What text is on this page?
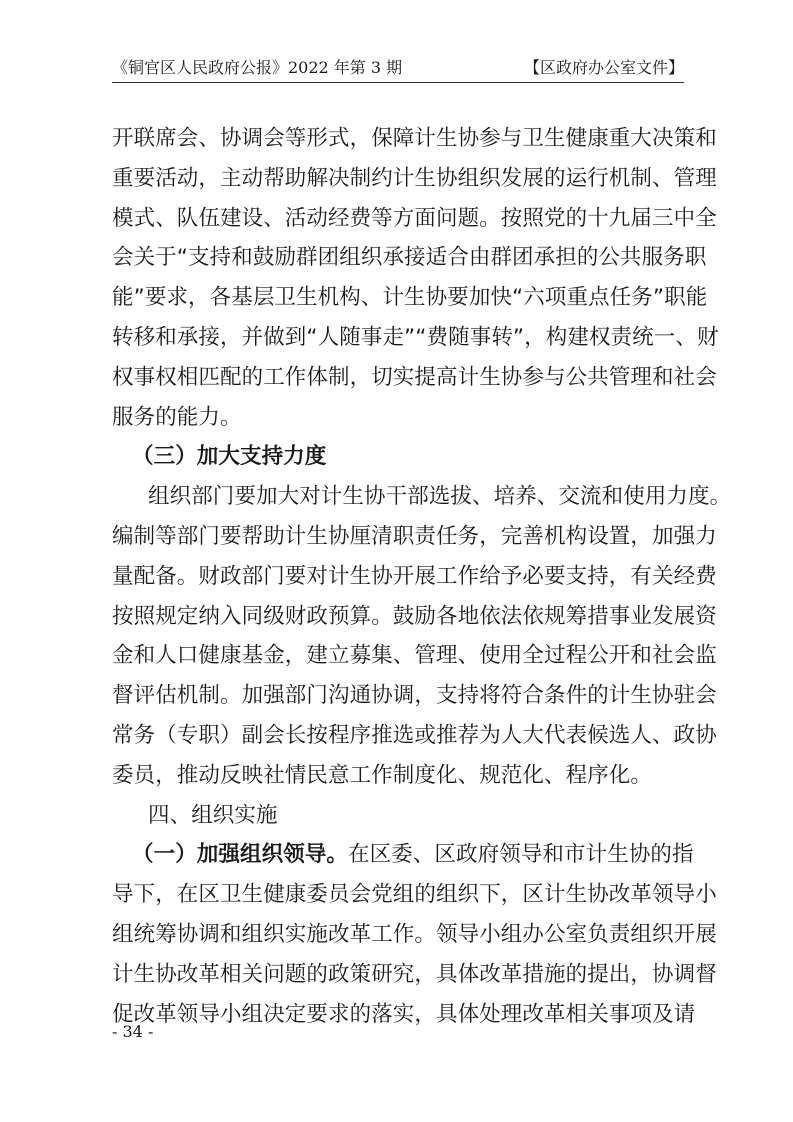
《铜官区人民政府公报》2022 年第 3 期	【区政府办公室文件】
开联席会、协调会等形式，保障计生协参与卫生健康重大决策和
重要活动，主动帮助解决制约计生协组织发展的运行机制、管理
模式、队伍建设、活动经费等方面问题。按照党的十九届三中全
会关于“支持和鼓励群团组织承接适合由群团承担的公共服务职
能”要求，各基层卫生机构、计生协要加快“六项重点任务”职能
转移和承接，并做到“人随事走”“费随事转”，构建权责统一、财
权事权相匹配的工作体制，切实提高计生协参与公共管理和社会
服务的能力。
（三）加大支持力度
组织部门要加大对计生协干部选拔、培养、交流和使用力度。
编制等部门要帮助计生协厘清职责任务，完善机构设置，加强力
量配备。财政部门要对计生协开展工作给予必要支持，有关经费
按照规定纳入同级财政预算。鼓励各地依法依规筹措事业发展资
金和人口健康基金，建立募集、管理、使用全过程公开和社会监
督评估机制。加强部门沟通协调，支持将符合条件的计生协驻会
常务（专职）副会长按程序推选或推荐为人大代表候选人、政协
委员，推动反映社情民意工作制度化、规范化、程序化。
四、组织实施
（一）加强组织领导。 在区委、区政府领导和市计生协的指
导下，在区卫生健康委员会党组的组织下，区计生协改革领导小
组统筹协调和组织实施改革工作。领导小组办公室负责组织开展
计生协改革相关问题的政策研究，具体改革措施的提出，协调督
促改革领导小组决定要求的落实，具体处理改革相关事项及请
- 34 -
